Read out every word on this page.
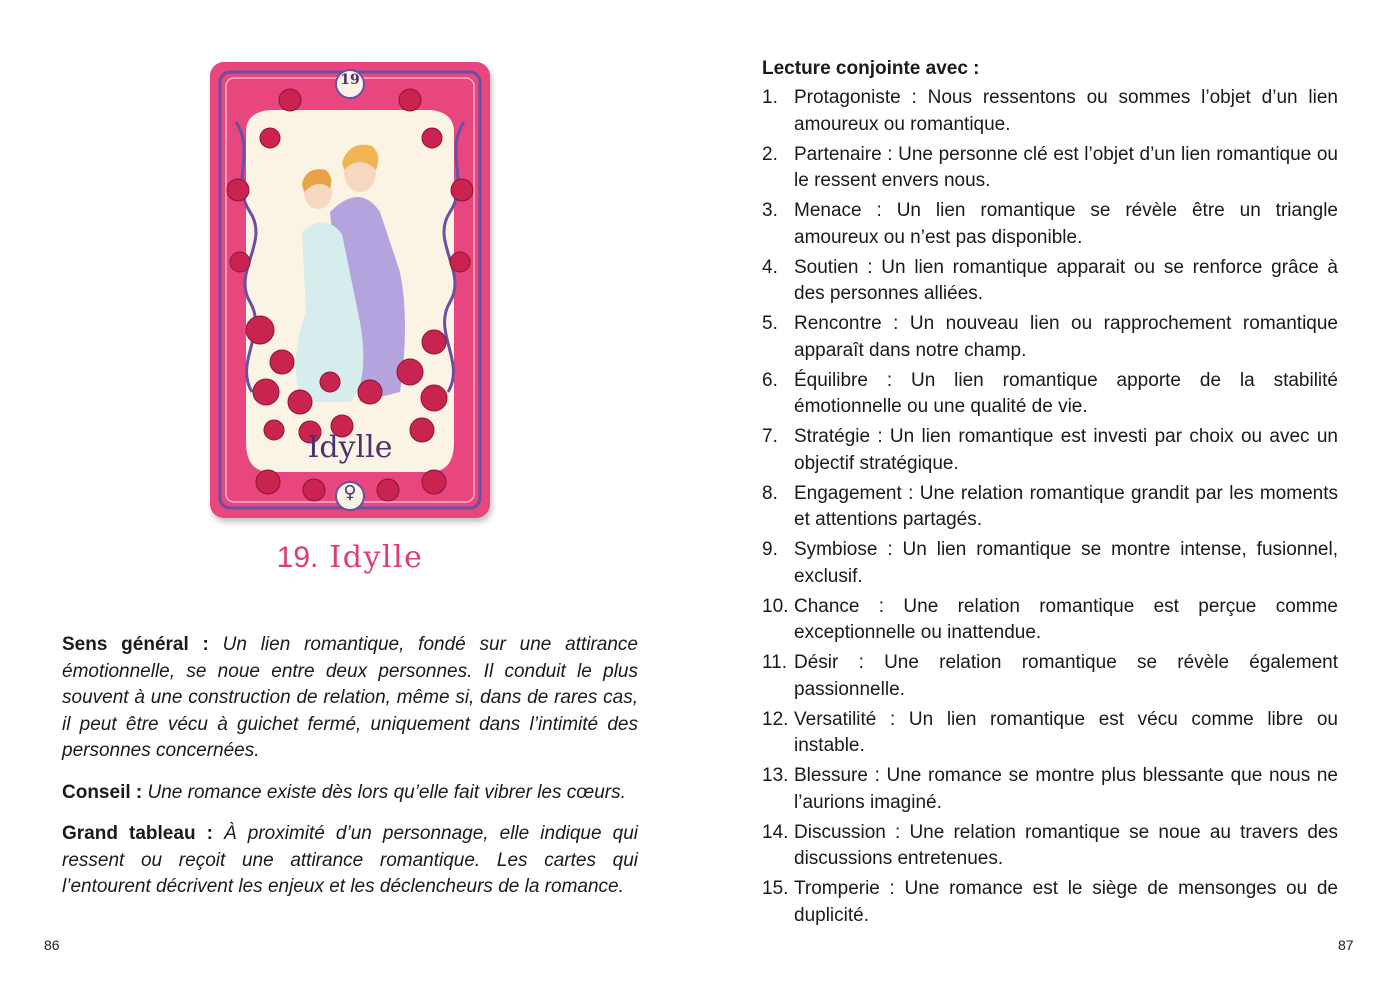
19
Idylle
♀
19. Idylle

Sens général : Un lien romantique, fondé sur une attirance émotionnelle, se noue entre deux personnes. Il conduit le plus souvent à une construction de relation, même si, dans de rares cas, il peut être vécu à guichet fermé, uniquement dans l’intimité des personnes concernées.

Conseil : Une romance existe dès lors qu’elle fait vibrer les cœurs.

Grand tableau : À proximité d’un personnage, elle indique qui ressent ou reçoit une attirance romantique. Les cartes qui l’entourent décrivent les enjeux et les déclencheurs de la romance.

86
Lecture conjointe avec :
1. Protagoniste : Nous ressentons ou sommes l’objet d’un lien amoureux ou romantique.
2. Partenaire : Une personne clé est l’objet d’un lien romantique ou le ressent envers nous.
3. Menace : Un lien romantique se révèle être un triangle amoureux ou n’est pas disponible.
4. Soutien : Un lien romantique apparait ou se renforce grâce à des personnes alliées.
5. Rencontre : Un nouveau lien ou rapprochement romantique apparaît dans notre champ.
6. Équilibre : Un lien romantique apporte de la stabilité émotionnelle ou une qualité de vie.
7. Stratégie : Un lien romantique est investi par choix ou avec un objectif stratégique.
8. Engagement : Une relation romantique grandit par les moments et attentions partagés.
9. Symbiose : Un lien romantique se montre intense, fusionnel, exclusif.
10. Chance : Une relation romantique est perçue comme exceptionnelle ou inattendue.
11. Désir : Une relation romantique se révèle également passionnelle.
12. Versatilité : Un lien romantique est vécu comme libre ou instable.
13. Blessure : Une romance se montre plus blessante que nous ne l’aurions imaginé.
14. Discussion : Une relation romantique se noue au travers des discussions entretenues.
15. Tromperie : Une romance est le siège de mensonges ou de duplicité.
87
